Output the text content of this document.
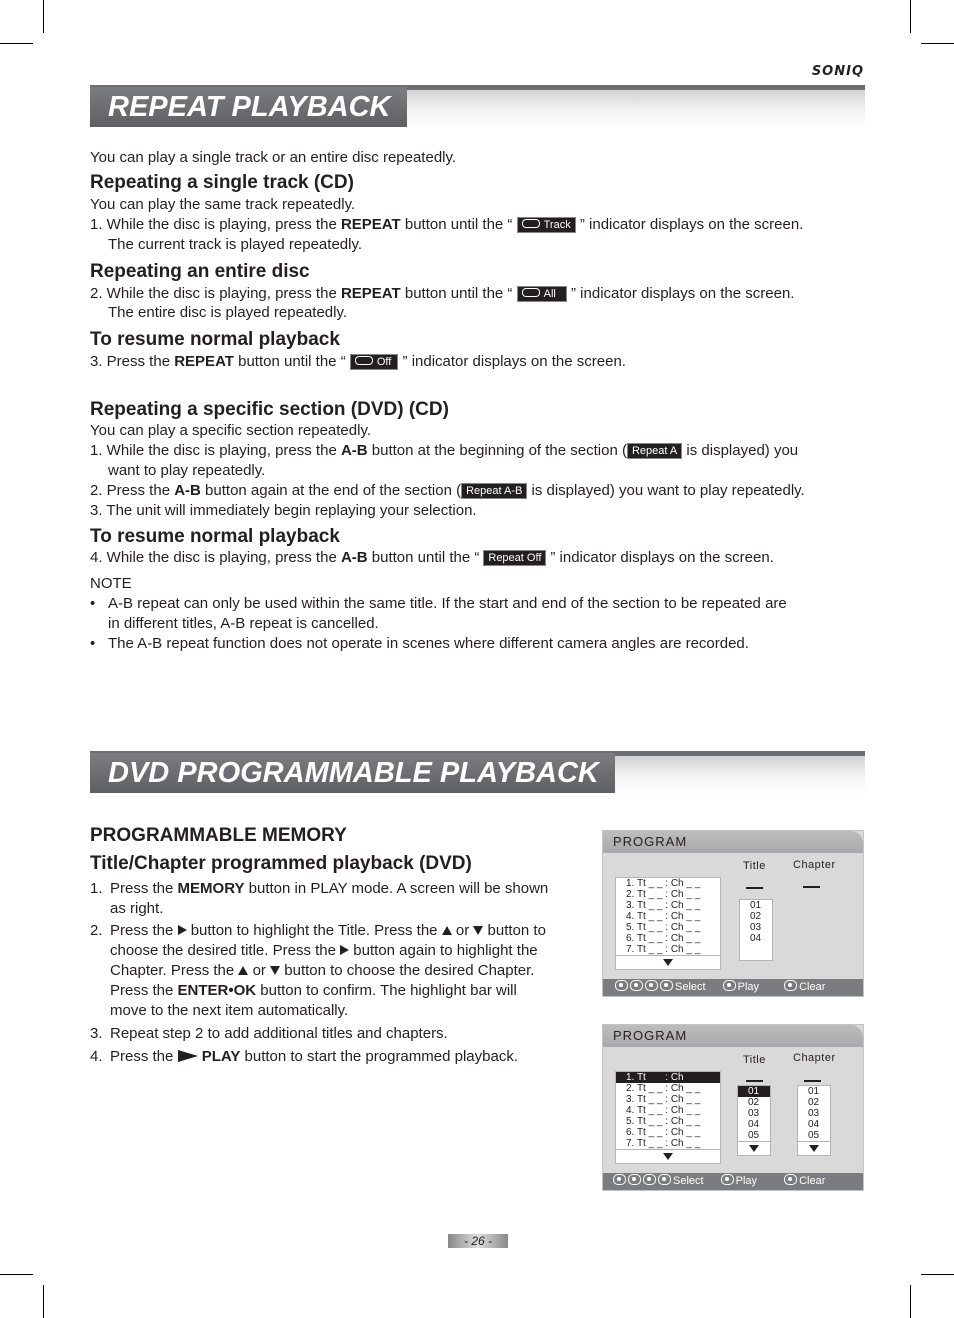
SONIQ
REPEAT PLAYBACK
You can play a single track or an entire disc repeatedly.
Repeating a single track (CD)
You can play the same track repeatedly.
1. While the disc is playing, press the REPEAT button until the “	Track ” indicator displays on the screen.
The current track is played repeatedly.
Repeating an entire disc
2. While the disc is playing, press the REPEAT button until the “	All ” indicator displays on the screen.
The entire disc is played repeatedly.
To resume normal playback
3. Press the REPEAT button until the “	Off ” indicator displays on the screen.
Repeating a specific section (DVD) (CD)
You can play a specific section repeatedly.
1. While the disc is playing, press the A-B button at the beginning of the section ( Repeat A is displayed) you
want to play repeatedly.
2. Press the A-B button again at the end of the section ( Repeat A-B is displayed) you want to play repeatedly.
3. The unit will immediately begin replaying your selection.
To resume normal playback
4. While the disc is playing, press the A-B button until the “ Repeat Off ” indicator displays on the screen.
NOTE
• A-B repeat can only be used within the same title. If the start and end of the section to be repeated are
in different titles, A-B repeat is cancelled.
• The A-B repeat function does not operate in scenes where different camera angles are recorded.
DVD PROGRAMMABLE PLAYBACK
PROGRAMMABLE MEMORY
Title/Chapter programmed playback (DVD)
1. Press the MEMORY button in PLAY mode. A screen will be shown
as right.
2. Press the  button to highlight the Title. Press the  or  button to
choose the desired title. Press the  button again to highlight the
Chapter. Press the  or  button to choose the desired Chapter.
Press the ENTER•OK button to confirm. The highlight bar will
move to the next item automatically.
3. Repeat step 2 to add additional titles and chapters.
4. Press the  PLAY button to start the programmed playback.
PROGRAM
1. Tt _ _ : Ch _ _
2. Tt _ _ : Ch _ _
3. Tt _ _ : Ch _ _
4. Tt _ _ : Ch _ _
5. Tt _ _ : Ch _ _
6. Tt _ _ : Ch _ _
7. Tt _ _ : Ch _ _
Title Chapter
01
02
03
04
Select	Play	Clear
PROGRAM
1. Tt       : Ch
2. Tt _ _ : Ch _ _
3. Tt _ _ : Ch _ _
4. Tt _ _ : Ch _ _
5. Tt _ _ : Ch _ _
6. Tt _ _ : Ch _ _
7. Tt _ _ : Ch _ _
Title Chapter
01
02
03
04
05
01
02
03
04
05
Select	Play	Clear
- 26 -
